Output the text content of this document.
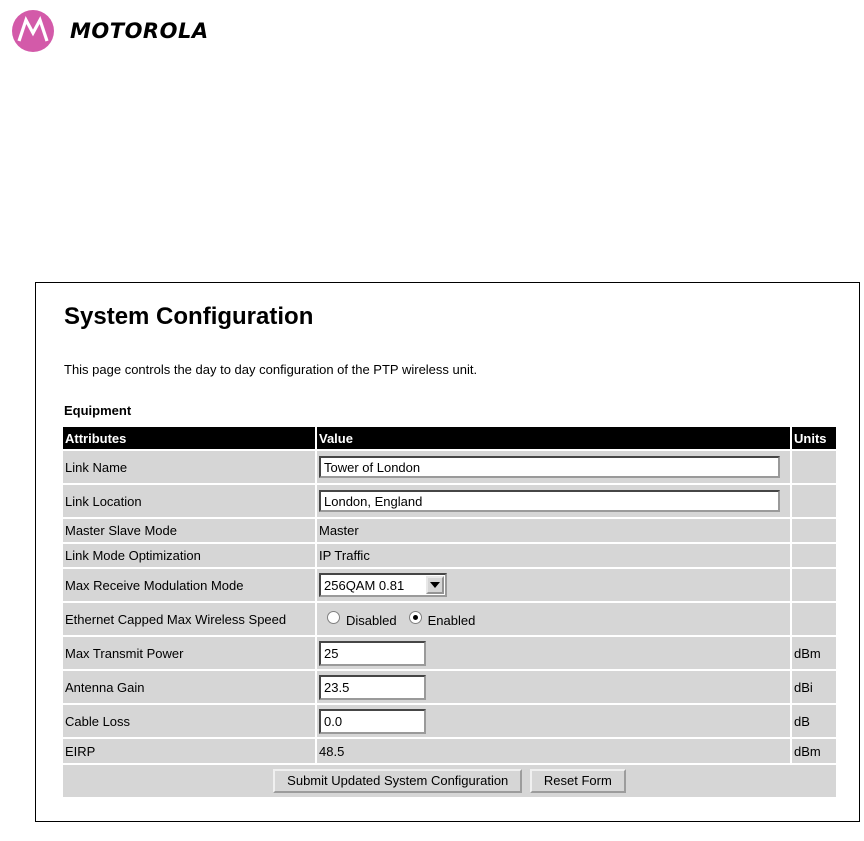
MOTOROLA
System Configuration

This page controls the day to day configuration of the PTP wireless unit.

Equipment

Attributes	Value	Units
Link Name	Tower of London	
Link Location	London, England	
Master Slave Mode	Master	
Link Mode Optimization	IP Traffic	
Max Receive Modulation Mode	256QAM 0.81	

Ethernet Capped Max Wireless Speed	Disabled Enabled	

Max Transmit Power	25	dBm
Antenna Gain	23.5	dBi
Cable Loss	0.0	dB
EIRP	48.5	dBm
Submit Updated System Configuration Reset Form		
